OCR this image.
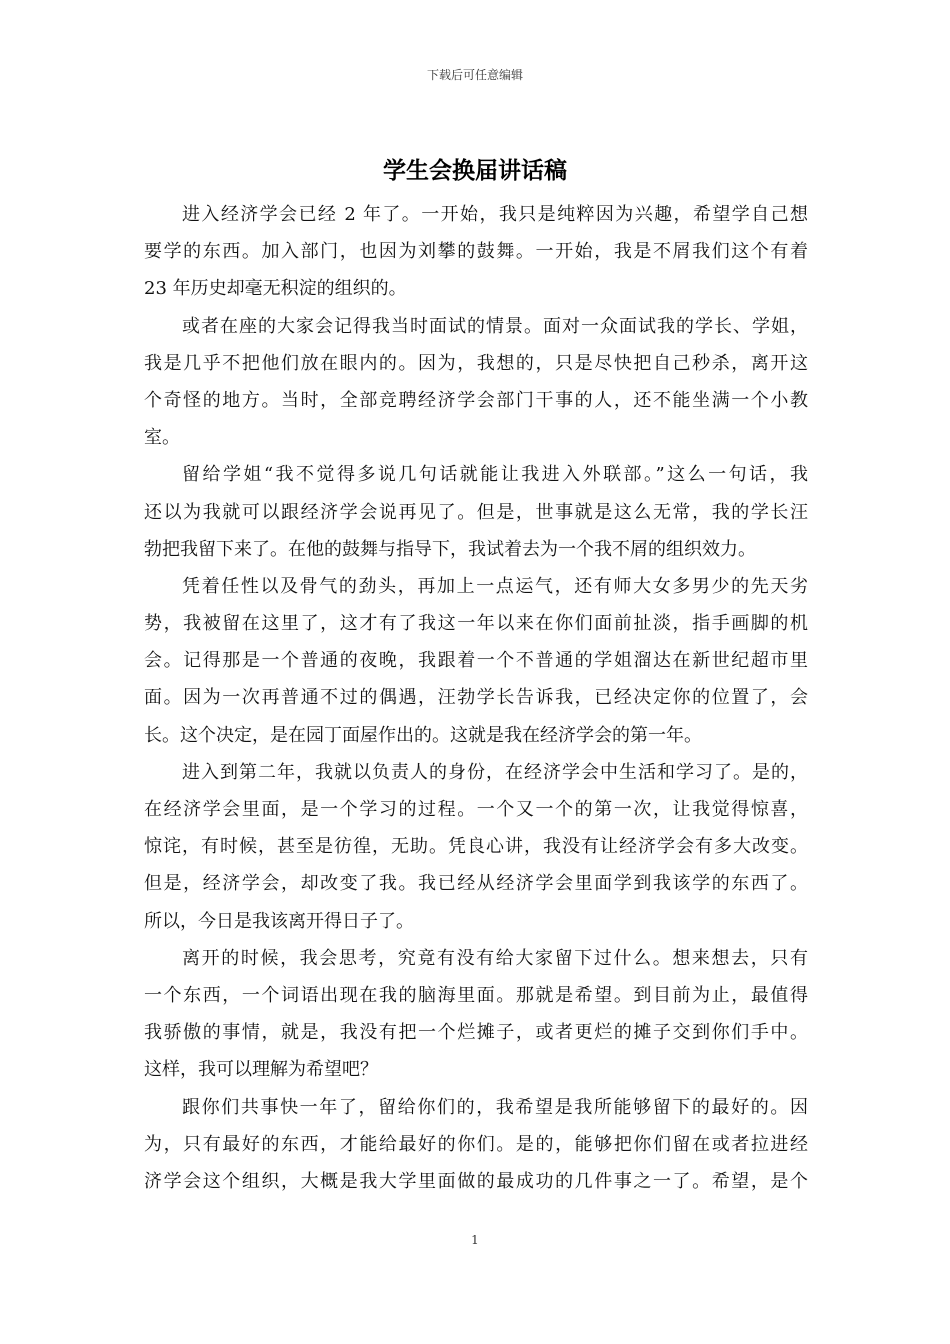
下载后可任意编辑
学生会换届讲话稿
进入经济学会已经 2 年了。一开始，我只是纯粹因为兴趣，希望学自己想
要学的东西。加入部门，也因为刘攀的鼓舞。一开始，我是不屑我们这个有着
23 年历史却毫无积淀的组织的。
或者在座的大家会记得我当时面试的情景。面对一众面试我的学长、学姐，
我是几乎不把他们放在眼内的。因为，我想的，只是尽快把自己秒杀，离开这
个奇怪的地方。当时，全部竞聘经济学会部门干事的人，还不能坐满一个小教
室。
留给学姐“我不觉得多说几句话就能让我进入外联部。”这么一句话，我
还以为我就可以跟经济学会说再见了。但是，世事就是这么无常，我的学长汪
勃把我留下来了。在他的鼓舞与指导下，我试着去为一个我不屑的组织效力。
凭着任性以及骨气的劲头，再加上一点运气，还有师大女多男少的先天劣
势，我被留在这里了，这才有了我这一年以来在你们面前扯淡，指手画脚的机
会。记得那是一个普通的夜晚，我跟着一个不普通的学姐溜达在新世纪超市里
面。因为一次再普通不过的偶遇，汪勃学长告诉我，已经决定你的位置了，会
长。这个决定，是在园丁面屋作出的。这就是我在经济学会的第一年。
进入到第二年，我就以负责人的身份，在经济学会中生活和学习了。是的，
在经济学会里面，是一个学习的过程。一个又一个的第一次，让我觉得惊喜，
惊诧，有时候，甚至是彷徨，无助。凭良心讲，我没有让经济学会有多大改变。
但是，经济学会，却改变了我。我已经从经济学会里面学到我该学的东西了。
所以，今日是我该离开得日子了。
离开的时候，我会思考，究竟有没有给大家留下过什么。想来想去，只有
一个东西，一个词语出现在我的脑海里面。那就是希望。到目前为止，最值得
我骄傲的事情，就是，我没有把一个烂摊子，或者更烂的摊子交到你们手中。
这样，我可以理解为希望吧？
跟你们共事快一年了，留给你们的，我希望是我所能够留下的最好的。因
为，只有最好的东西，才能给最好的你们。是的，能够把你们留在或者拉进经
济学会这个组织，大概是我大学里面做的最成功的几件事之一了。希望，是个
1
